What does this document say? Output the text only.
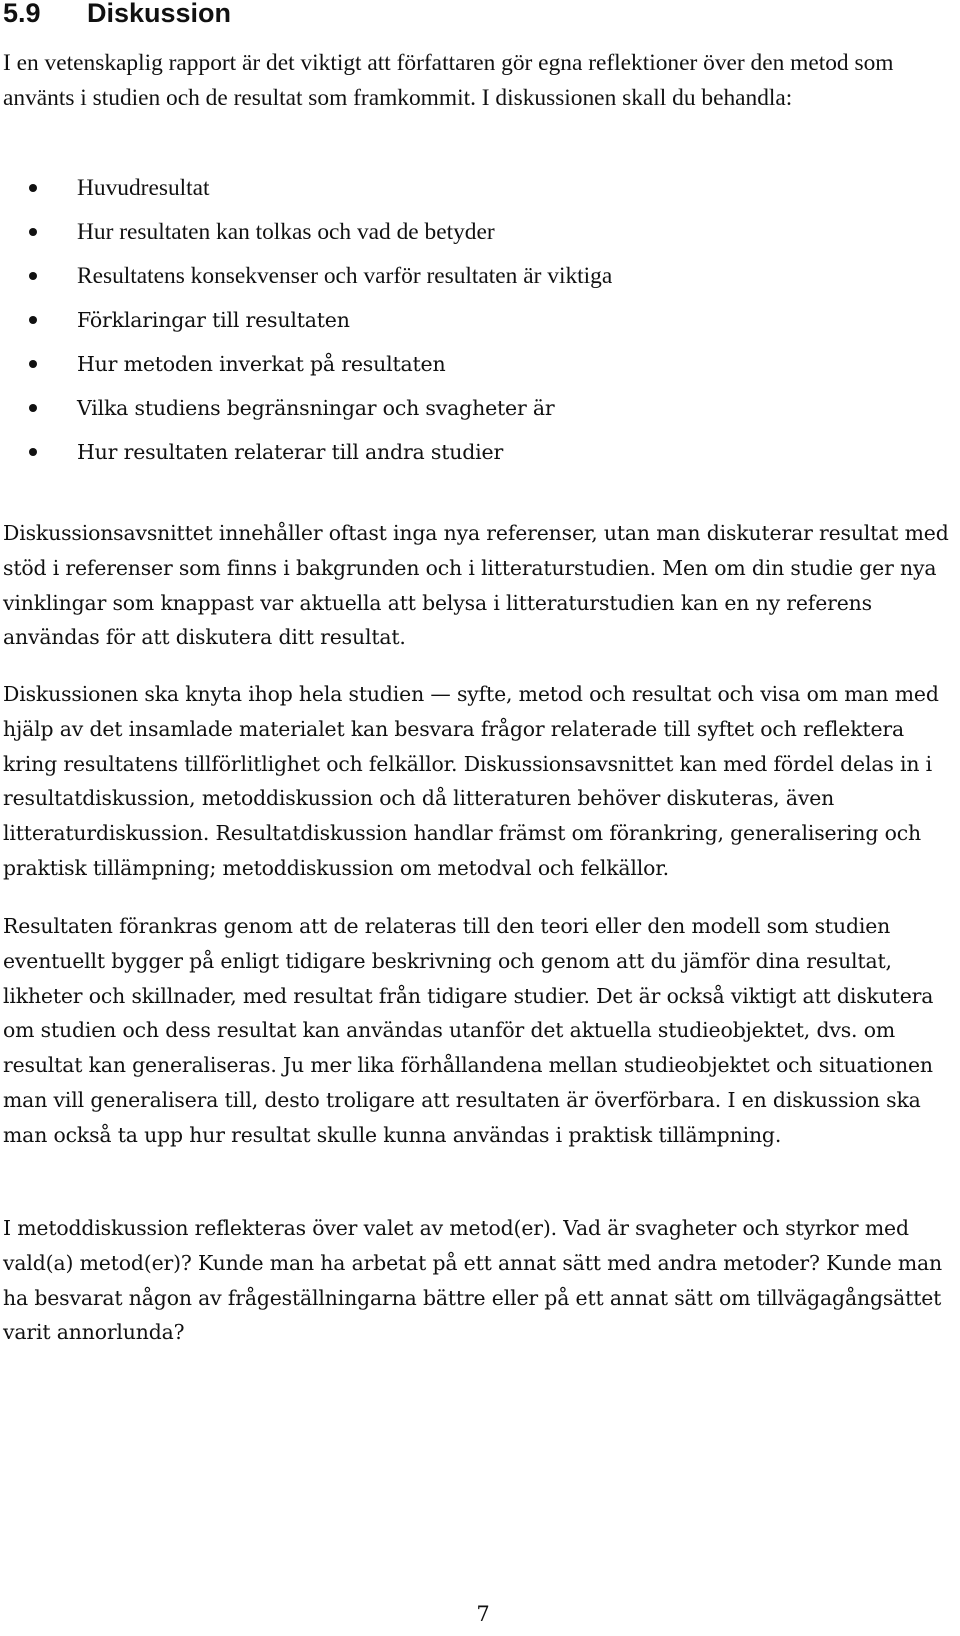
5.9 Diskussion

I en vetenskaplig rapport är det viktigt att författaren gör egna reflektioner över den metod som använts i studien och de resultat som framkommit. I diskussionen skall du behandla:

Huvudresultat
Hur resultaten kan tolkas och vad de betyder
Resultatens konsekvenser och varför resultaten är viktiga
Förklaringar till resultaten
Hur metoden inverkat på resultaten
Vilka studiens begränsningar och svagheter är
Hur resultaten relaterar till andra studier

Diskussionsavsnittet innehåller oftast inga nya referenser, utan man diskuterar resultat med stöd i referenser som finns i bakgrunden och i litteraturstudien. Men om din studie ger nya vinklingar som knappast var aktuella att belysa i litteraturstudien kan en ny referens användas för att diskutera ditt resultat.

Diskussionen ska knyta ihop hela studien — syfte, metod och resultat och visa om man med hjälp av det insamlade materialet kan besvara frågor relaterade till syftet och reflektera kring resultatens tillförlitlighet och felkällor. Diskussionsavsnittet kan med fördel delas in i resultatdiskussion, metoddiskussion och då litteraturen behöver diskuteras, även litteraturdiskussion. Resultatdiskussion handlar främst om förankring, generalisering och praktisk tillämpning; metoddiskussion om metodval och felkällor.

Resultaten förankras genom att de relateras till den teori eller den modell som studien eventuellt bygger på enligt tidigare beskrivning och genom att du jämför dina resultat, likheter och skillnader, med resultat från tidigare studier. Det är också viktigt att diskutera om studien och dess resultat kan användas utanför det aktuella studieobjektet, dvs. om resultat kan generaliseras. Ju mer lika förhållandena mellan studieobjektet och situationen man vill generalisera till, desto troligare att resultaten är överförbara. I en diskussion ska man också ta upp hur resultat skulle kunna användas i praktisk tillämpning.

I metoddiskussion reflekteras över valet av metod(er). Vad är svagheter och styrkor med vald(a) metod(er)? Kunde man ha arbetat på ett annat sätt med andra metoder? Kunde man ha besvarat någon av frågeställningarna bättre eller på ett annat sätt om tillvägagångsättet varit annorlunda?

7
